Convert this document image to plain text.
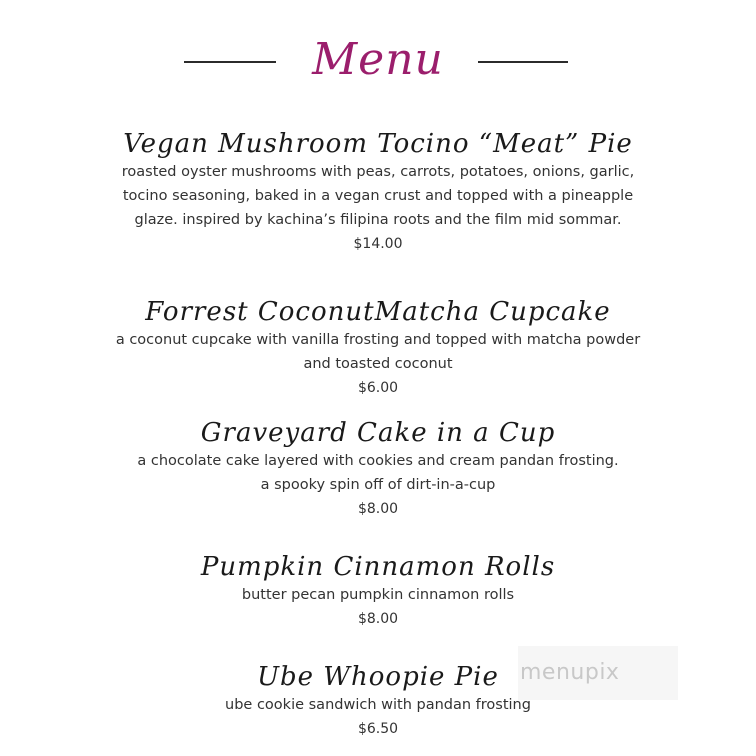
Menu
Vegan Mushroom Tocino “Meat” Pie
roasted oyster mushrooms with peas, carrots, potatoes, onions, garlic,
tocino seasoning, baked in a vegan crust and topped with a pineapple
glaze. inspired by kachina’s filipina roots and the film mid sommar.
$14.00
Forrest CoconutMatcha Cupcake
a coconut cupcake with vanilla frosting and topped with matcha powder
and toasted coconut
$6.00
Graveyard Cake in a Cup
a chocolate cake layered with cookies and cream pandan frosting.
a spooky spin off of dirt-in-a-cup
$8.00
Pumpkin Cinnamon Rolls
butter pecan pumpkin cinnamon rolls
$8.00
menupix
Ube Whoopie Pie
ube cookie sandwich with pandan frosting
$6.50
